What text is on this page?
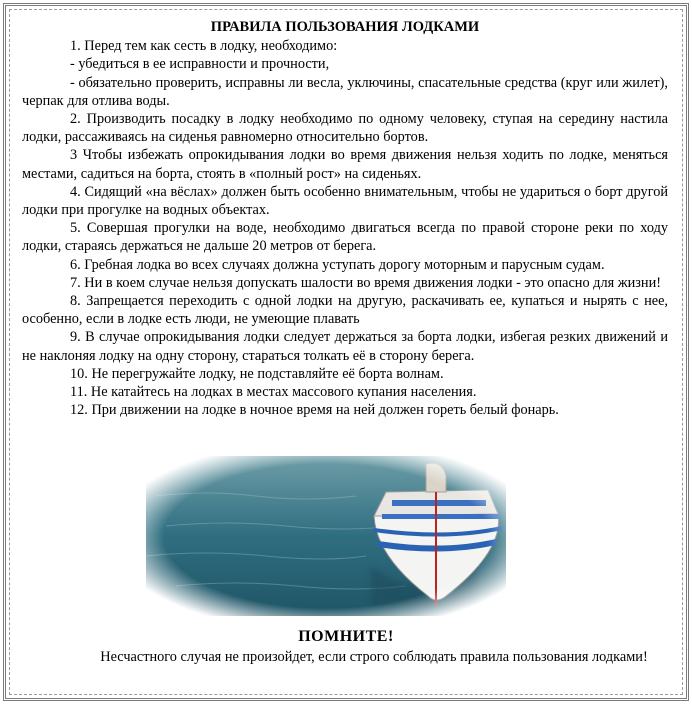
ПРАВИЛА ПОЛЬЗОВАНИЯ ЛОДКАМИ

1. Перед тем как сесть в лодку, необходимо:

- убедиться в ее исправности и прочности,

- обязательно проверить, исправны ли весла, уключины, спасательные средства (круг или жилет), черпак для отлива воды.

2. Производить посадку в лодку необходимо по одному человеку, ступая на середину настила лодки, рассаживаясь на сиденья равномерно относительно бортов.

3 Чтобы избежать опрокидывания лодки во время движения нельзя ходить по лодке, меняться местами, садиться на борта, стоять в «полный рост» на сиденьях.

4. Сидящий «на вёслах» должен быть особенно внимательным, чтобы не удариться о борт другой лодки при прогулке на водных объектах.

5. Совершая прогулки на воде, необходимо двигаться всегда по правой стороне реки по ходу лодки, стараясь держаться не дальше 20 метров от берега.

6. Гребная лодка во всех случаях должна уступать дорогу моторным и парусным судам.

7. Ни в коем случае нельзя допускать шалости во время движения лодки - это опасно для жизни!

8. Запрещается переходить с одной лодки на другую, раскачивать ее, купаться и нырять с нее, особенно, если в лодке есть люди, не умеющие плавать

9. В случае опрокидывания лодки следует держаться за борта лодки, избегая резких движений и не наклоняя лодку на одну сторону, стараться толкать её в сторону берега.

10. Не перегружайте лодку, не подставляйте её борта волнам.

11. Не катайтесь на лодках в местах массового купания населения.

12. При движении на лодке в ночное время на ней должен гореть белый фонарь.

ПОМНИТЕ!
Несчастного случая не произойдет, если строго соблюдать правила пользования лодками!
